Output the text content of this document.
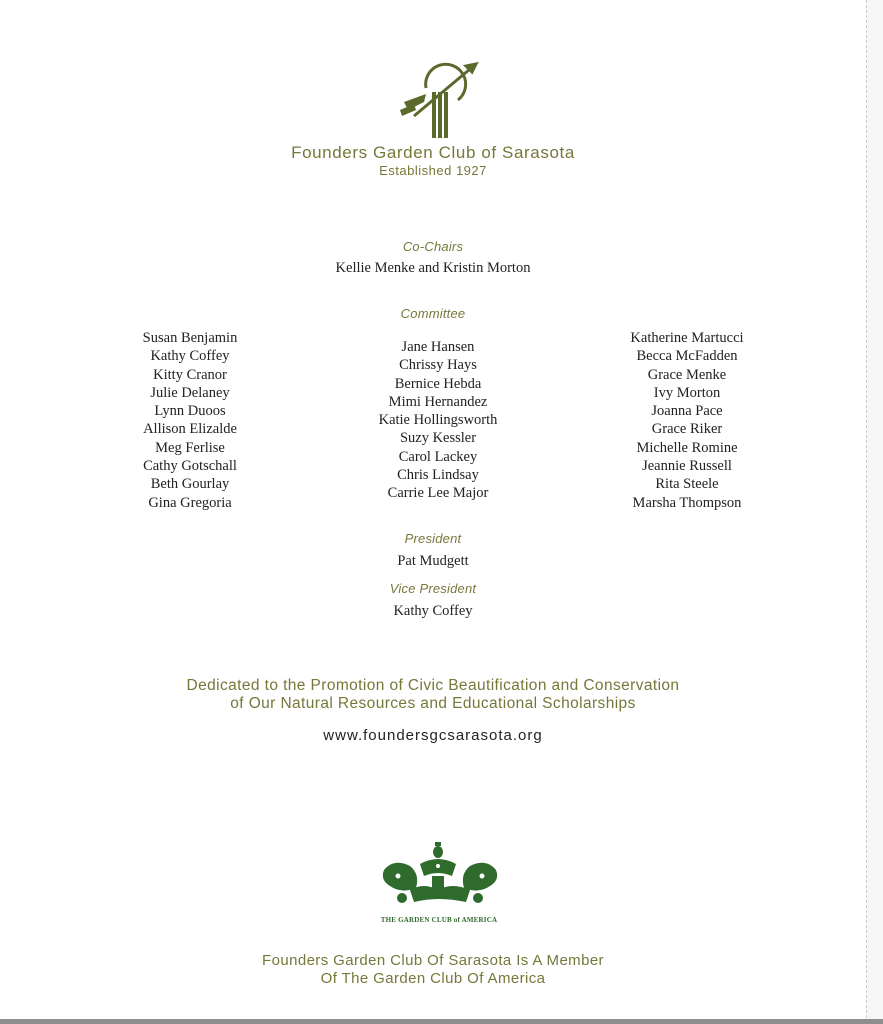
Founders Garden Club of Sarasota
Established 1927
Co-Chairs
Kellie Menke and Kristin Morton
Committee
Susan Benjamin
Kathy Coffey
Kitty Cranor
Julie Delaney
Lynn Duoos
Allison Elizalde
Meg Ferlise
Cathy Gotschall
Beth Gourlay
Gina Gregoria
Jane Hansen
Chrissy Hays
Bernice Hebda
Mimi Hernandez
Katie Hollingsworth
Suzy Kessler
Carol Lackey
Chris Lindsay
Carrie Lee Major
Katherine Martucci
Becca McFadden
Grace Menke
Ivy Morton
Joanna Pace
Grace Riker
Michelle Romine
Jeannie Russell
Rita Steele
Marsha Thompson
President
Pat Mudgett
Vice President
Kathy Coffey
Dedicated to the Promotion of Civic Beautification and Conservation
of Our Natural Resources and Educational Scholarships
www.foundersgcsarasota.org
THE GARDEN CLUB of AMERICA
Founders Garden Club Of Sarasota Is A Member
Of The Garden Club Of America
